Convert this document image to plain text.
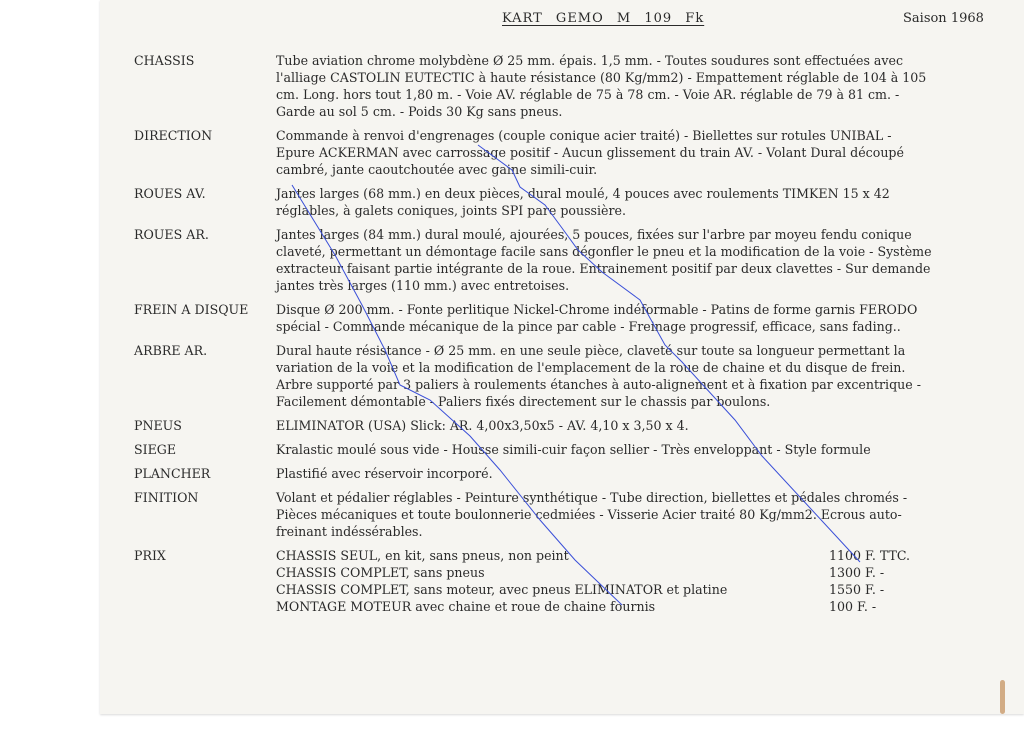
KART GEMO M 109 Fk	Saison 1968
CHASSIS	Tube aviation chrome molybdène Ø 25 mm. épais. 1,5 mm. - Toutes soudures sont effectuées avec l'alliage CASTOLIN EUTECTIC à haute résistance (80 Kg/mm2) - Empattement réglable de 104 à 105 cm. Long. hors tout 1,80 m. - Voie AV. réglable de 75 à 78 cm. - Voie AR. réglable de 79 à 81 cm. - Garde au sol 5 cm. - Poids 30 Kg sans pneus.
DIRECTION	Commande à renvoi d'engrenages (couple conique acier traité) - Biellettes sur rotules UNIBAL - Epure ACKERMAN avec carrossage positif - Aucun glissement du train AV. - Volant Dural découpé cambré, jante caoutchoutée avec gaine simili-cuir.
ROUES AV.	Jantes larges (68 mm.) en deux pièces, dural moulé, 4 pouces avec roulements TIMKEN 15 x 42 réglables, à galets coniques, joints SPI pare poussière.
ROUES AR.	Jantes larges (84 mm.) dural moulé, ajourées, 5 pouces, fixées sur l'arbre par moyeu fendu conique claveté, permettant un démontage facile sans dégonfler le pneu et la modification de la voie - Système extracteur faisant partie intégrante de la roue. Entrainement positif par deux clavettes - Sur demande jantes très larges (110 mm.) avec entretoises.
FREIN A DISQUE	Disque Ø 200 mm. - Fonte perlitique Nickel-Chrome indéformable - Patins de forme garnis FERODO spécial - Commande mécanique de la pince par cable - Freinage progressif, efficace, sans fading..
ARBRE AR.	Dural haute résistance - Ø 25 mm. en une seule pièce, claveté sur toute sa longueur permettant la variation de la voie et la modification de l'emplacement de la roue de chaine et du disque de frein. Arbre supporté par 3 paliers à roulements étanches à auto-alignement et à fixation par excentrique - Facilement démontable - Paliers fixés directement sur le chassis par boulons.
PNEUS	ELIMINATOR (USA) Slick: AR. 4,00x3,50x5 - AV. 4,10 x 3,50 x 4.
SIEGE	Kralastic moulé sous vide - Housse simili-cuir façon sellier - Très enveloppant - Style formule
PLANCHER	Plastifié avec réservoir incorporé.
FINITION	Volant et pédalier réglables - Peinture synthétique - Tube direction, biellettes et pédales chromés - Pièces mécaniques et toute boulonnerie cedmiées - Visserie Acier traité 80 Kg/mm2. Ecrous auto-freinant indéssérables.
PRIX	CHASSIS SEUL, en kit, sans pneus, non peint	1100 F. TTC.
CHASSIS COMPLET, sans pneus	1300 F. -
CHASSIS COMPLET, sans moteur, avec pneus ELIMINATOR et platine	1550 F. -
MONTAGE MOTEUR avec chaine et roue de chaine fournis	100 F. -
